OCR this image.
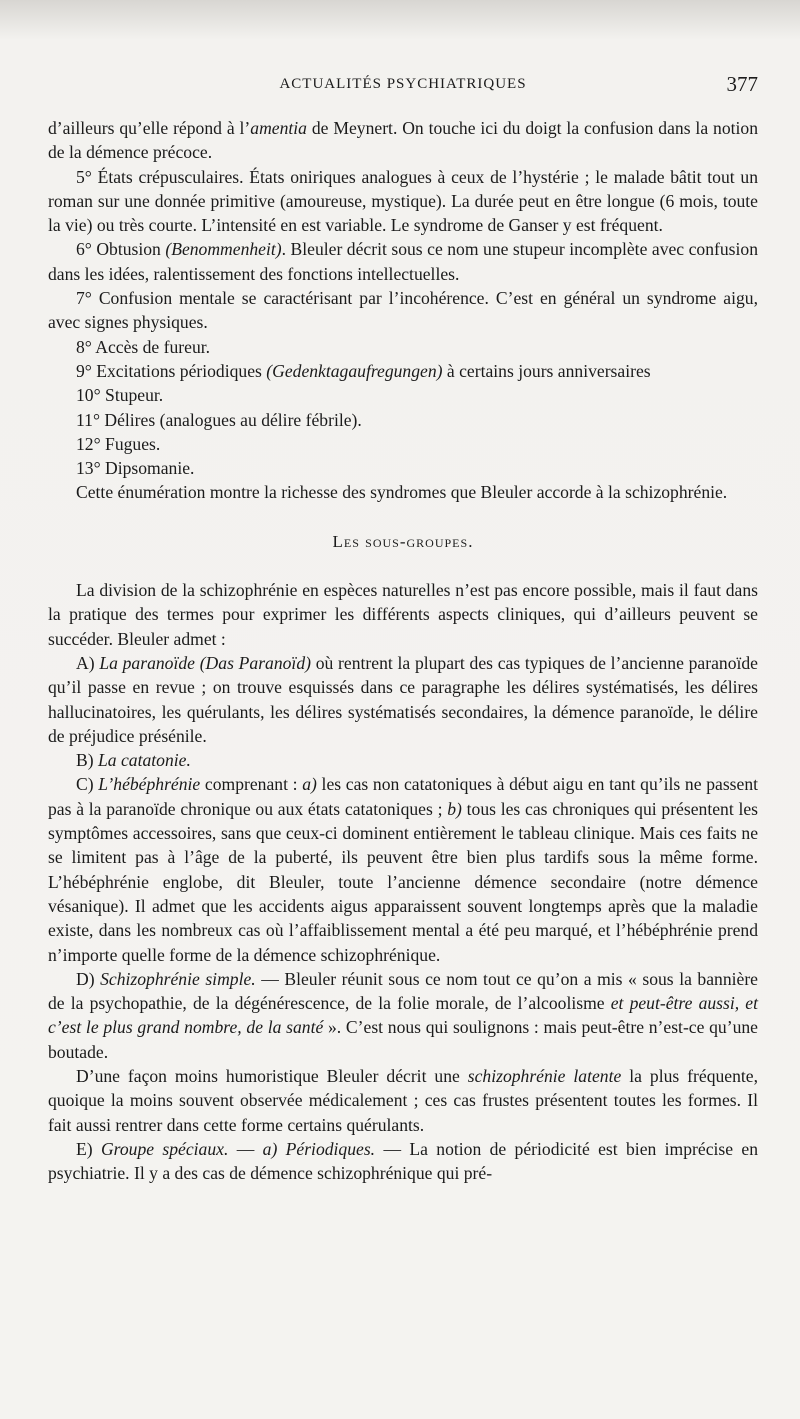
ACTUALITÉS PSYCHIATRIQUES	377

d’ailleurs qu’elle répond à l’amentia de Meynert. On touche ici du doigt la confusion dans la notion de la démence précoce.

5° États crépusculaires. États oniriques analogues à ceux de l’hystérie ; le malade bâtit tout un roman sur une donnée primitive (amoureuse, mystique). La durée peut en être longue (6 mois, toute la vie) ou très courte. L’intensité en est variable. Le syndrome de Ganser y est fréquent.

6° Obtusion (Benommenheit). Bleuler décrit sous ce nom une stupeur incomplète avec confusion dans les idées, ralentissement des fonctions intellectuelles.

7° Confusion mentale se caractérisant par l’incohérence. C’est en général un syndrome aigu, avec signes physiques.

8° Accès de fureur.

9° Excitations périodiques (Gedenktagaufregungen) à certains jours anniversaires

10° Stupeur.

11° Délires (analogues au délire fébrile).

12° Fugues.

13° Dipsomanie.

Cette énumération montre la richesse des syndromes que Bleuler accorde à la schizophrénie.

Les sous-groupes.

La division de la schizophrénie en espèces naturelles n’est pas encore possible, mais il faut dans la pratique des termes pour exprimer les différents aspects cliniques, qui d’ailleurs peuvent se succéder. Bleuler admet :

A) La paranoïde (Das Paranoïd) où rentrent la plupart des cas typiques de l’ancienne paranoïde qu’il passe en revue ; on trouve esquissés dans ce paragraphe les délires systématisés, les délires hallucinatoires, les quérulants, les délires systématisés secondaires, la démence paranoïde, le délire de préjudice présénile.

B) La catatonie.

C) L’hébéphrénie comprenant : a) les cas non catatoniques à début aigu en tant qu’ils ne passent pas à la paranoïde chronique ou aux états catatoniques ; b) tous les cas chroniques qui présentent les symptômes accessoires, sans que ceux-ci dominent entièrement le tableau clinique. Mais ces faits ne se limitent pas à l’âge de la puberté, ils peuvent être bien plus tardifs sous la même forme. L’hébéphrénie englobe, dit Bleuler, toute l’ancienne démence secondaire (notre démence vésanique). Il admet que les accidents aigus apparaissent souvent longtemps après que la maladie existe, dans les nombreux cas où l’affaiblissement mental a été peu marqué, et l’hébéphrénie prend n’importe quelle forme de la démence schizophrénique.

D) Schizophrénie simple. — Bleuler réunit sous ce nom tout ce qu’on a mis « sous la bannière de la psychopathie, de la dégénérescence, de la folie morale, de l’alcoolisme et peut-être aussi, et c’est le plus grand nombre, de la santé ». C’est nous qui soulignons : mais peut-être n’est-ce qu’une boutade.

D’une façon moins humoristique Bleuler décrit une schizophrénie latente la plus fréquente, quoique la moins souvent observée médicalement ; ces cas frustes présentent toutes les formes. Il fait aussi rentrer dans cette forme certains quérulants.

E) Groupe spéciaux. — a) Périodiques. — La notion de périodicité est bien imprécise en psychiatrie. Il y a des cas de démence schizophrénique qui pré-
